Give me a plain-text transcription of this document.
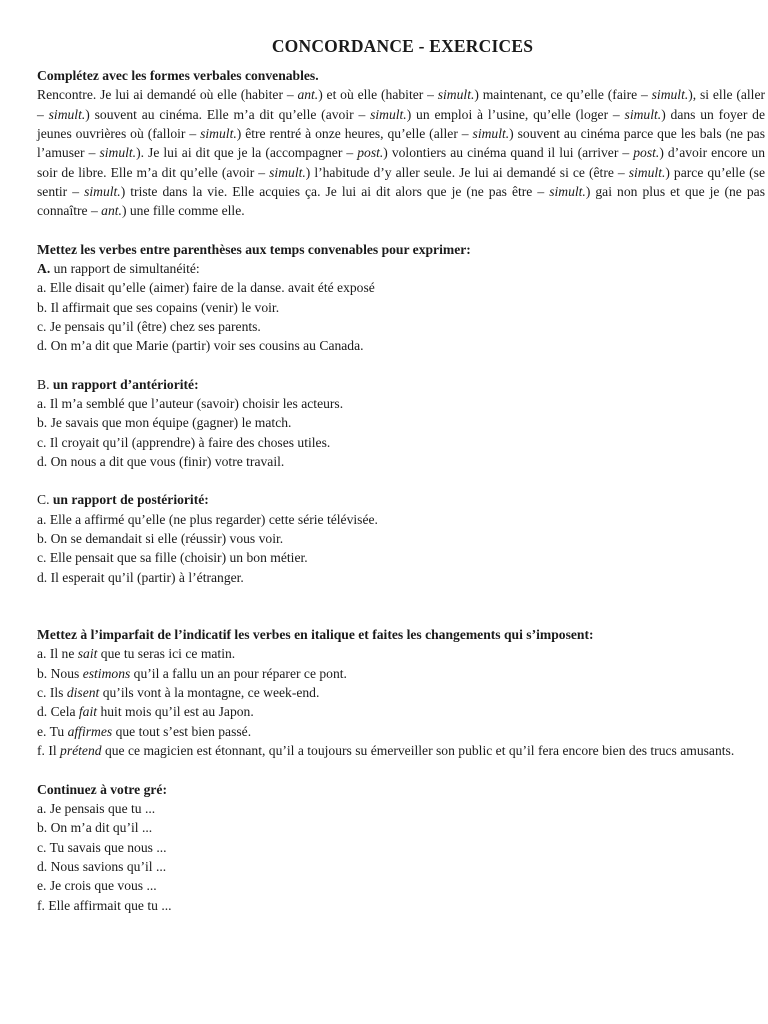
CONCORDANCE - EXERCICES
Complétez avec les formes verbales convenables.

Rencontre. Je lui ai demandé où elle (habiter – ant.) et où elle (habiter – simult.) maintenant, ce qu’elle (faire – simult.), si elle (aller – simult.) souvent au cinéma. Elle m’a dit qu’elle (avoir – simult.) un emploi à l’usine, qu’elle (loger – simult.) dans un foyer de jeunes ouvrières où (falloir – simult.) être rentré à onze heures, qu’elle (aller – simult.) souvent au cinéma parce que les bals (ne pas l’amuser – simult.). Je lui ai dit que je la (accompagner – post.) volontiers au cinéma quand il lui (arriver – post.) d’avoir encore un soir de libre. Elle m’a dit qu’elle (avoir – simult.) l’habitude d’y aller seule. Je lui ai demandé si ce (être – simult.) parce qu’elle (se sentir – simult.) triste dans la vie. Elle acquies ça. Je lui ai dit alors que je (ne pas être – simult.) gai non plus et que je (ne pas connaître – ant.) une fille comme elle.

Mettez les verbes entre parenthèses aux temps convenables pour exprimer:
A. un rapport de simultanéité:
a. Elle disait qu’elle (aimer) faire de la danse. avait été exposé
b. Il affirmait que ses copains (venir) le voir.
c. Je pensais qu’il (être) chez ses parents.
d. On m’a dit que Marie (partir) voir ses cousins au Canada.
B. un rapport d’antériorité:
a. Il m’a semblé que l’auteur (savoir) choisir les acteurs.
b. Je savais que mon équipe (gagner) le match.
c. Il croyait qu’il (apprendre) à faire des choses utiles.
d. On nous a dit que vous (finir) votre travail.
C. un rapport de postériorité:
a. Elle a affirmé qu’elle (ne plus regarder) cette série télévisée.
b. On se demandait si elle (réussir) vous voir.
c. Elle pensait que sa fille (choisir) un bon métier.
d. Il esperait qu’il (partir) à l’étranger.
Mettez à l’imparfait de l’indicatif les verbes en italique et faites les changements qui s’imposent:
a. Il ne sait que tu seras ici ce matin.
b. Nous estimons qu’il a fallu un an pour réparer ce pont.
c. Ils disent qu’ils vont à la montagne, ce week-end.
d. Cela fait huit mois qu’il est au Japon.
e. Tu affirmes que tout s’est bien passé.
f. Il prétend que ce magicien est étonnant, qu’il a toujours su émerveiller son public et qu’il fera encore bien des trucs amusants.
Continuez à votre gré:
a. Je pensais que tu ...
b. On m’a dit qu’il ...
c. Tu savais que nous ...
d. Nous savions qu’il ...
e. Je crois que vous ...
f. Elle affirmait que tu ...
